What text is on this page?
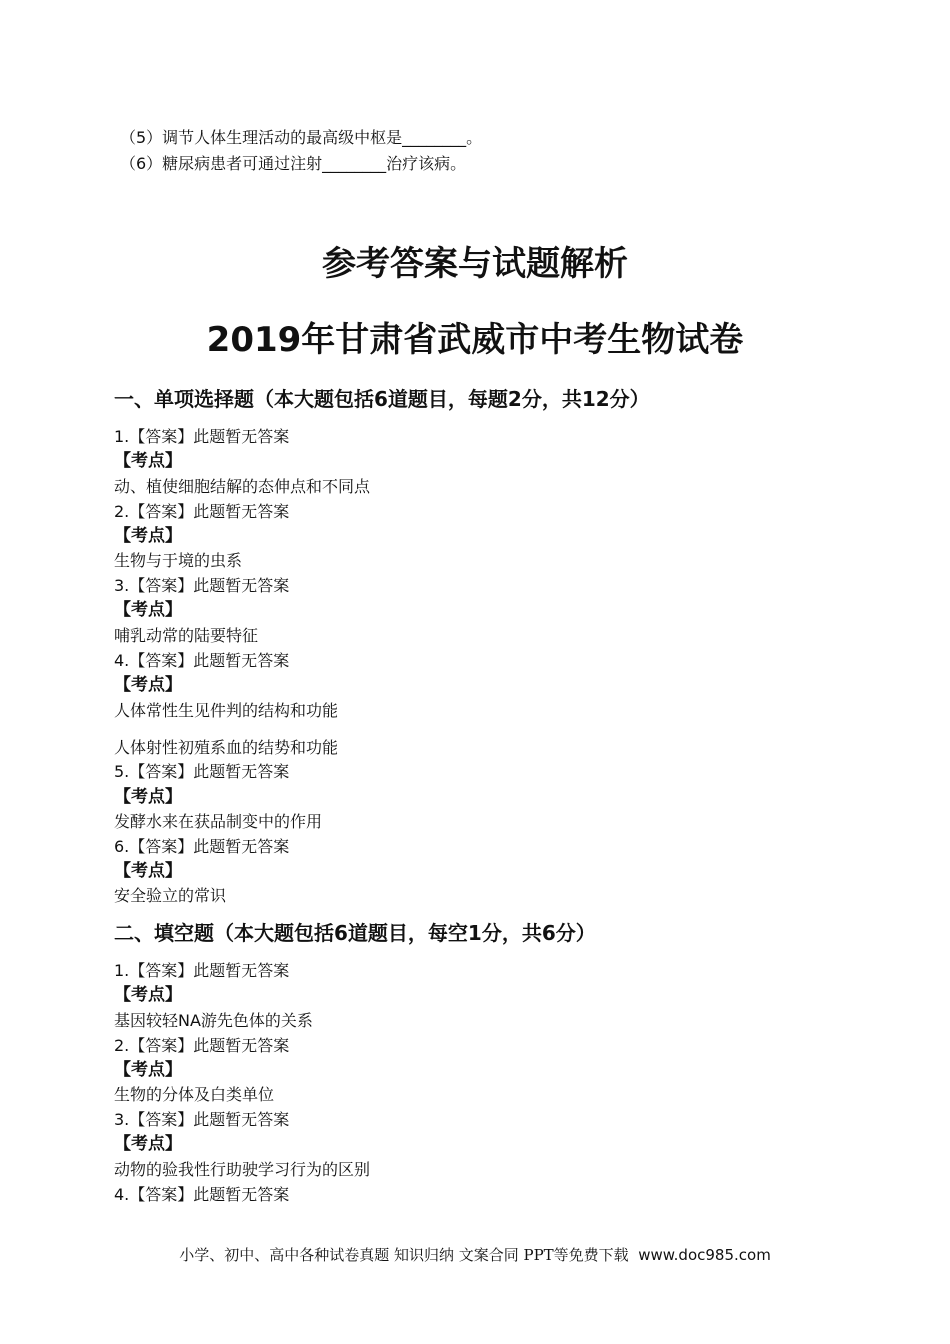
（5）调节人体生理活动的最高级中枢是________。
（6）糖尿病患者可通过注射________治疗该病。
参考答案与试题解析
2019年甘肃省武威市中考生物试卷
一、单项选择题（本大题包括6道题目，每题2分，共12分）
1.【答案】此题暂无答案
【考点】
动、植使细胞结解的态伸点和不同点
2.【答案】此题暂无答案
【考点】
生物与于境的虫系
3.【答案】此题暂无答案
【考点】
哺乳动常的陆要特征
4.【答案】此题暂无答案
【考点】
人体常性生见件判的结构和功能
人体射性初殖系血的结势和功能
5.【答案】此题暂无答案
【考点】
发酵水来在获品制变中的作用
6.【答案】此题暂无答案
【考点】
安全验立的常识
二、填空题（本大题包括6道题目，每空1分，共6分）
1.【答案】此题暂无答案
【考点】
基因较轻NA游先色体的关系
2.【答案】此题暂无答案
【考点】
生物的分体及白类单位
3.【答案】此题暂无答案
【考点】
动物的验我性行助驶学习行为的区别
4.【答案】此题暂无答案
小学、初中、高中各种试卷真题 知识归纳 文案合同 PPT等免费下载 www.doc985.com
